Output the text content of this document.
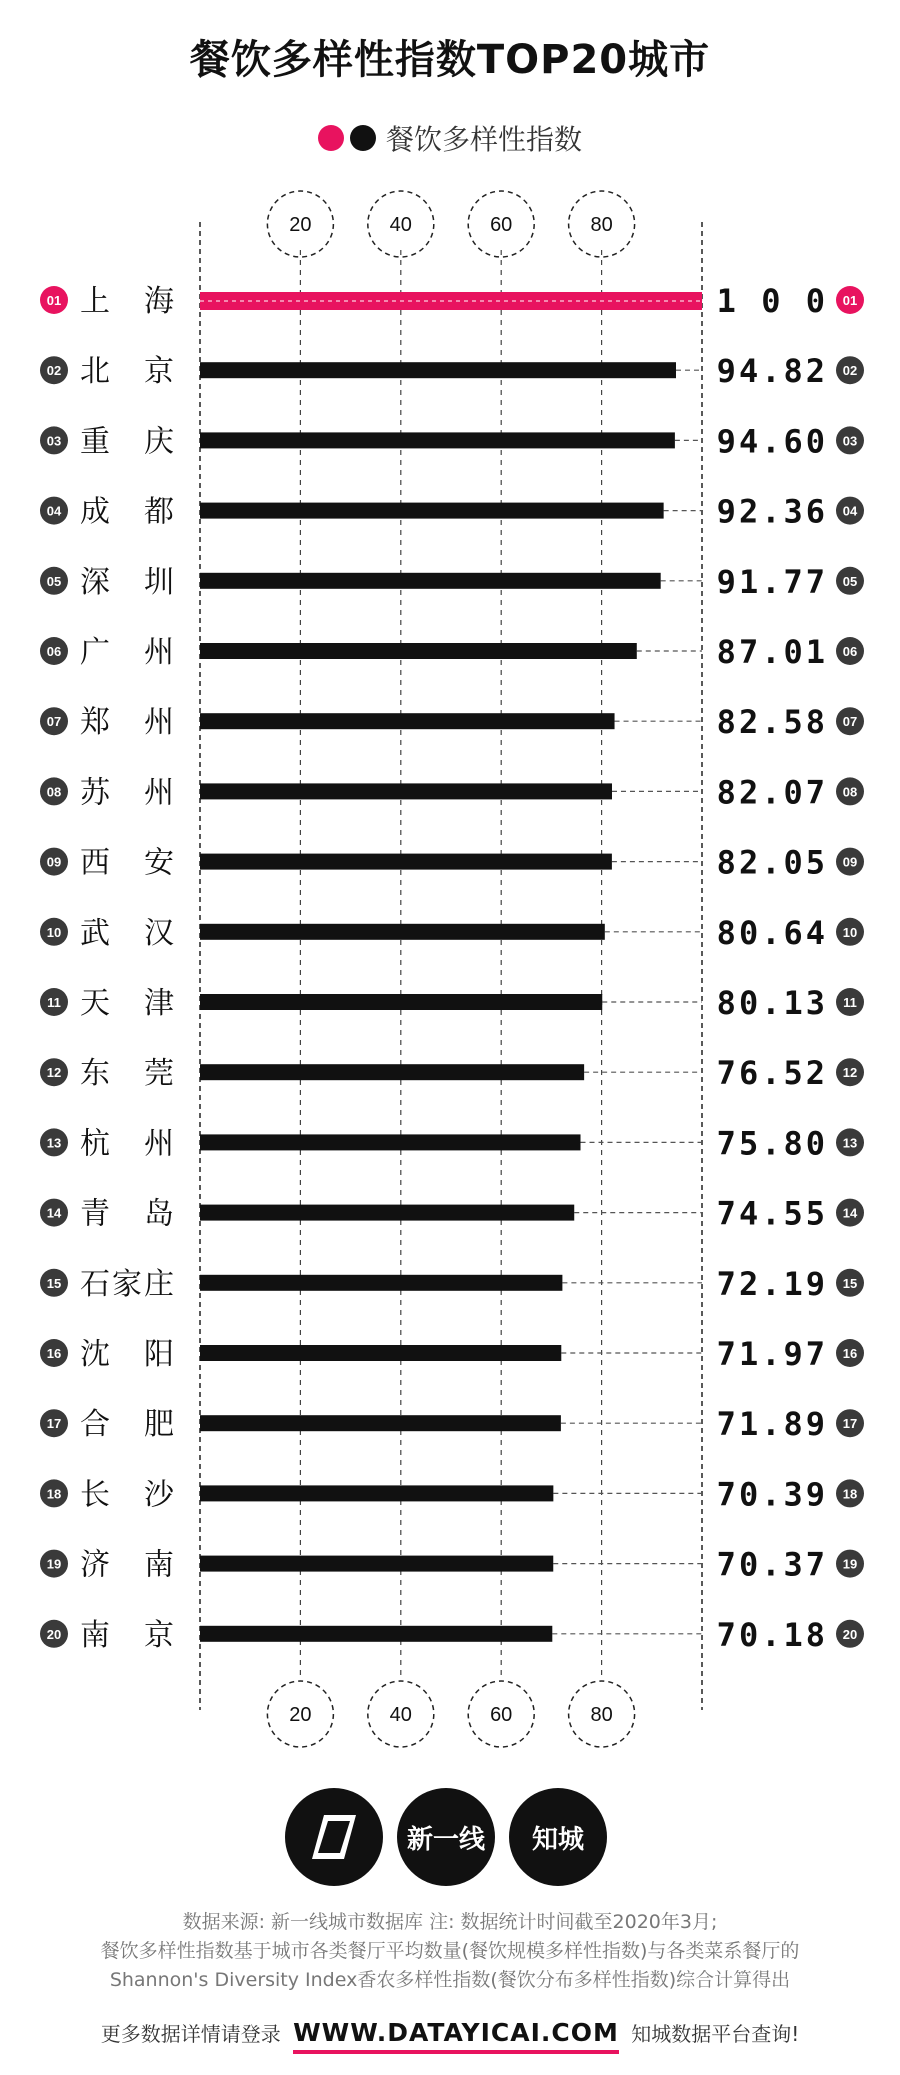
餐饮多样性指数TOP20城市
餐饮多样性指数
20
20
40
40
60
60
80
80
01 上海	1 0 0 01
02 北京	94.82 02
03 重庆	94.60 03
04 成都	92.36 04
05 深圳	91.77 05
06 广州	87.01 06
07 郑州	82.58 07
08 苏州	82.07 08
09 西安	82.05 09
10 武汉	80.64 10
11 天津	80.13 11
12 东莞	76.52 12
13 杭州	75.80 13
14 青岛	74.55 14
15 石家庄	72.19 15
16 沈阳	71.97 16
17 合肥	71.89 17
18 长沙	70.39 18
19 济南	70.37 19
20 南京	70.18 20
新一线 知城
数据来源: 新一线城市数据库 注: 数据统计时间截至2020年3月;
餐饮多样性指数基于城市各类餐厅平均数量(餐饮规模多样性指数)与各类菜系餐厅的
Shannon's Diversity Index香农多样性指数(餐饮分布多样性指数)综合计算得出
更多数据详情请登录 WWW.DATAYICAI.COM 知城数据平台查询!
